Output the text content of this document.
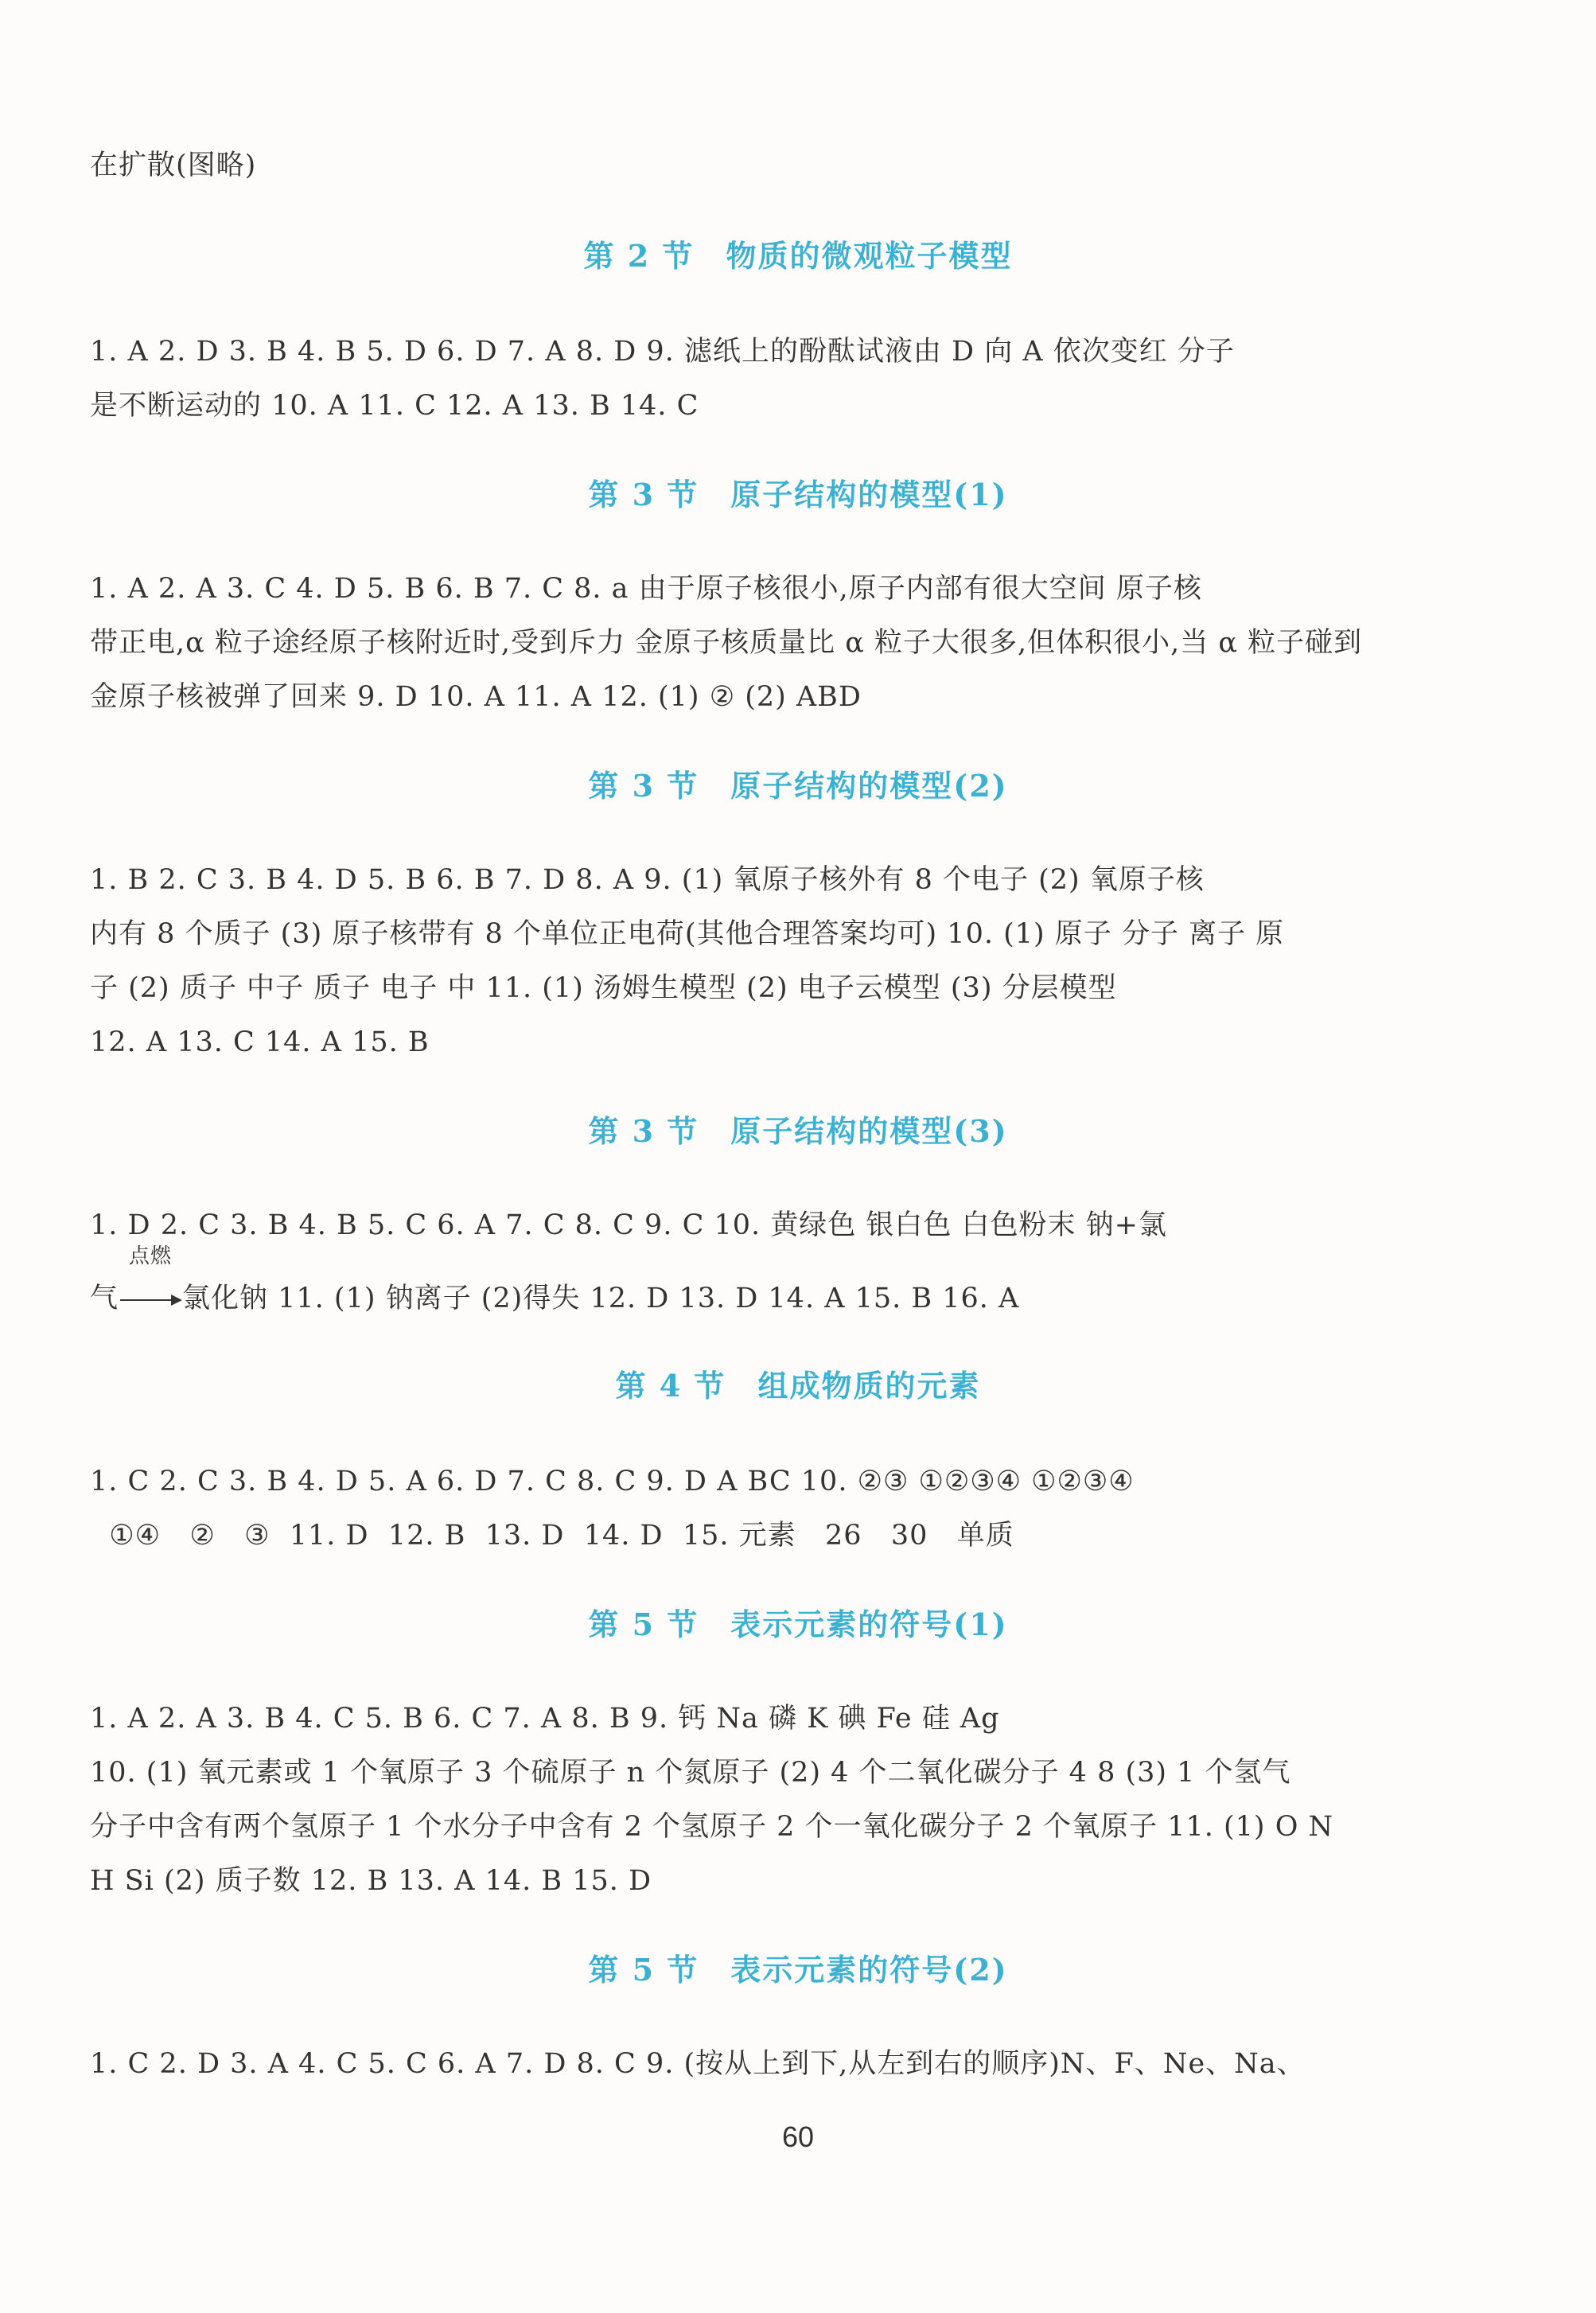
在扩散(图略)
第 2 节 物质的微观粒子模型
1. A 2. D 3. B 4. B 5. D 6. D 7. A 8. D 9. 滤纸上的酚酞试液由 D 向 A 依次变红 分子
是不断运动的 10. A 11. C 12. A 13. B 14. C
第 3 节 原子结构的模型(1)
1. A 2. A 3. C 4. D 5. B 6. B 7. C 8. a 由于原子核很小,原子内部有很大空间 原子核
带正电,α 粒子途经原子核附近时,受到斥力 金原子核质量比 α 粒子大很多,但体积很小,当 α 粒子碰到
金原子核被弹了回来 9. D 10. A 11. A 12. (1) ② (2) ABD
第 3 节 原子结构的模型(2)
1. B 2. C 3. B 4. D 5. B 6. B 7. D 8. A 9. (1) 氧原子核外有 8 个电子 (2) 氧原子核
内有 8 个质子 (3) 原子核带有 8 个单位正电荷(其他合理答案均可) 10. (1) 原子 分子 离子 原
子 (2) 质子 中子 质子 电子 中 11. (1) 汤姆生模型 (2) 电子云模型 (3) 分层模型
12. A 13. C 14. A 15. B
第 3 节 原子结构的模型(3)
1. D 2. C 3. B 4. B 5. C 6. A 7. C 8. C 9. C 10. 黄绿色 银白色 白色粉末 钠+氯
气
点燃
氯化钠 11. (1) 钠离子 (2)得失 12. D 13. D 14. A 15. B 16. A
第 4 节 组成物质的元素
1. C 2. C 3. B 4. D 5. A 6. D 7. C 8. C 9. D A BC 10. ②③ ①②③④ ①②③④
①④   ②   ③  11. D  12. B  13. D  14. D  15. 元素   26   30   单质
第 5 节 表示元素的符号(1)
1. A 2. A 3. B 4. C 5. B 6. C 7. A 8. B 9. 钙 Na 磷 K 碘 Fe 硅 Ag
10. (1) 氧元素或 1 个氧原子 3 个硫原子 n 个氮原子 (2) 4 个二氧化碳分子 4 8 (3) 1 个氢气
分子中含有两个氢原子 1 个水分子中含有 2 个氢原子 2 个一氧化碳分子 2 个氧原子 11. (1) O N
H Si (2) 质子数 12. B 13. A 14. B 15. D
第 5 节 表示元素的符号(2)
1. C 2. D 3. A 4. C 5. C 6. A 7. D 8. C 9. (按从上到下,从左到右的顺序)N、F、Ne、Na、
60
